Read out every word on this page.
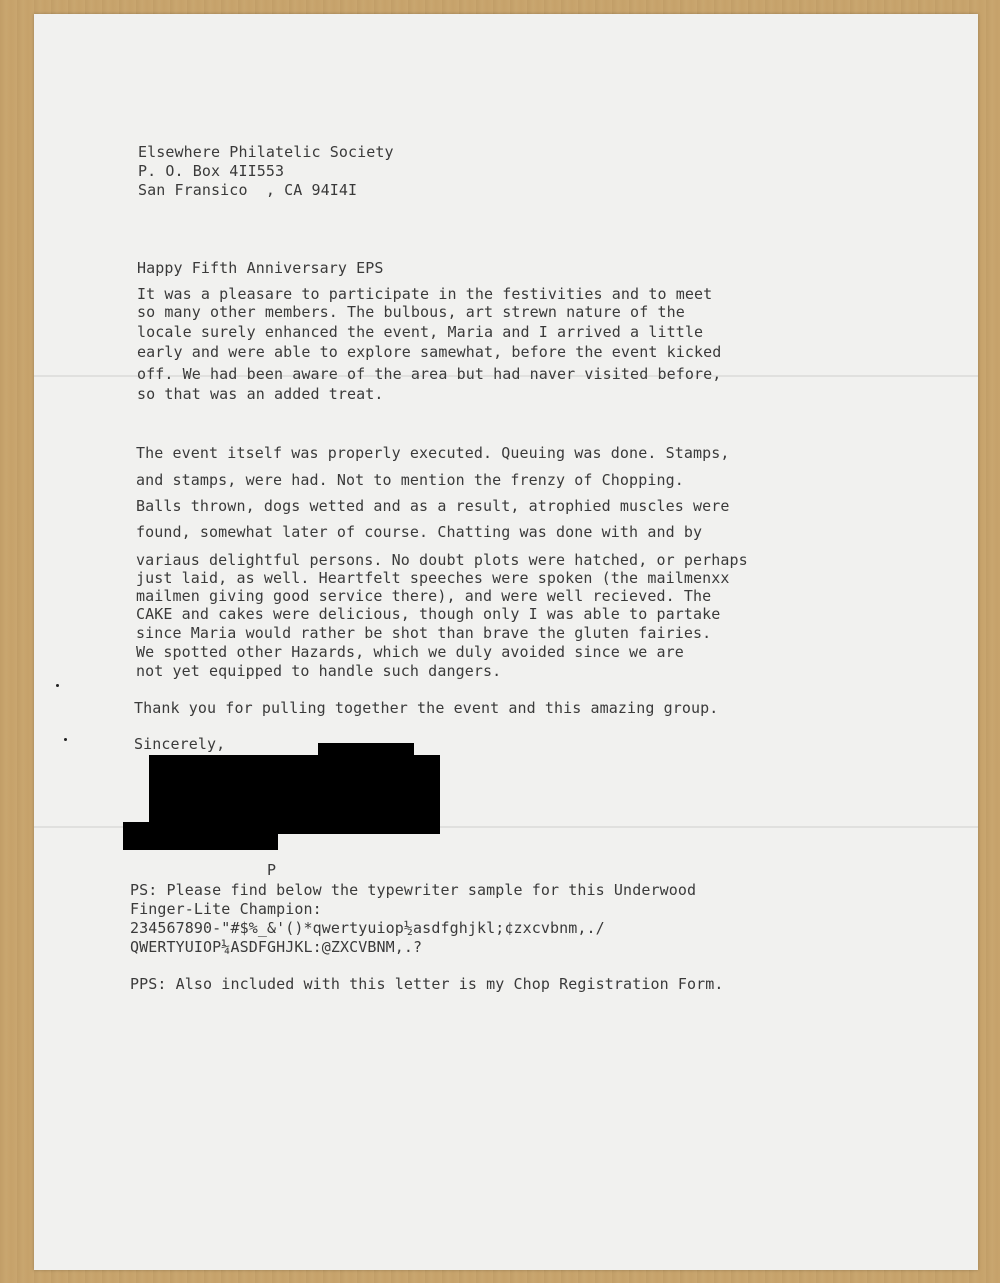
Elsewhere Philatelic Society
P. O. Box 4II553
San Fransico  , CA 94I4I
Happy Fifth Anniversary EPS
It was a pleasare to participate in the festivities and to meet
so many other members. The bulbous, art strewn nature of the
locale surely enhanced the event, Maria and I arrived a little
early and were able to explore samewhat, before the event kicked
off. We had been aware of the area but had naver visited before,
so that was an added treat.
The event itself was properly executed. Queuing was done. Stamps,
and stamps, were had. Not to mention the frenzy of Chopping.
Balls thrown, dogs wetted and as a result, atrophied muscles were
found, somewhat later of course. Chatting was done with and by
variaus delightful persons. No doubt plots were hatched, or perhaps
just laid, as well. Heartfelt speeches were spoken (the mailmenxx
mailmen giving good service there), and were well recieved. The
CAKE and cakes were delicious, though only I was able to partake
since Maria would rather be shot than brave the gluten fairies.
We spotted other Hazards, which we duly avoided since we are
not yet equipped to handle such dangers.
Thank you for pulling together the event and this amazing group.
Sincerely,
P
PS: Please find below the typewriter sample for this Underwood
Finger-Lite Champion:
234567890-"#$%_&'()*qwertyuiop½asdfghjkl;¢zxcvbnm,./
QWERTYUIOP¼ASDFGHJKL:@ZXCVBNM,.?
PPS: Also included with this letter is my Chop Registration Form.
